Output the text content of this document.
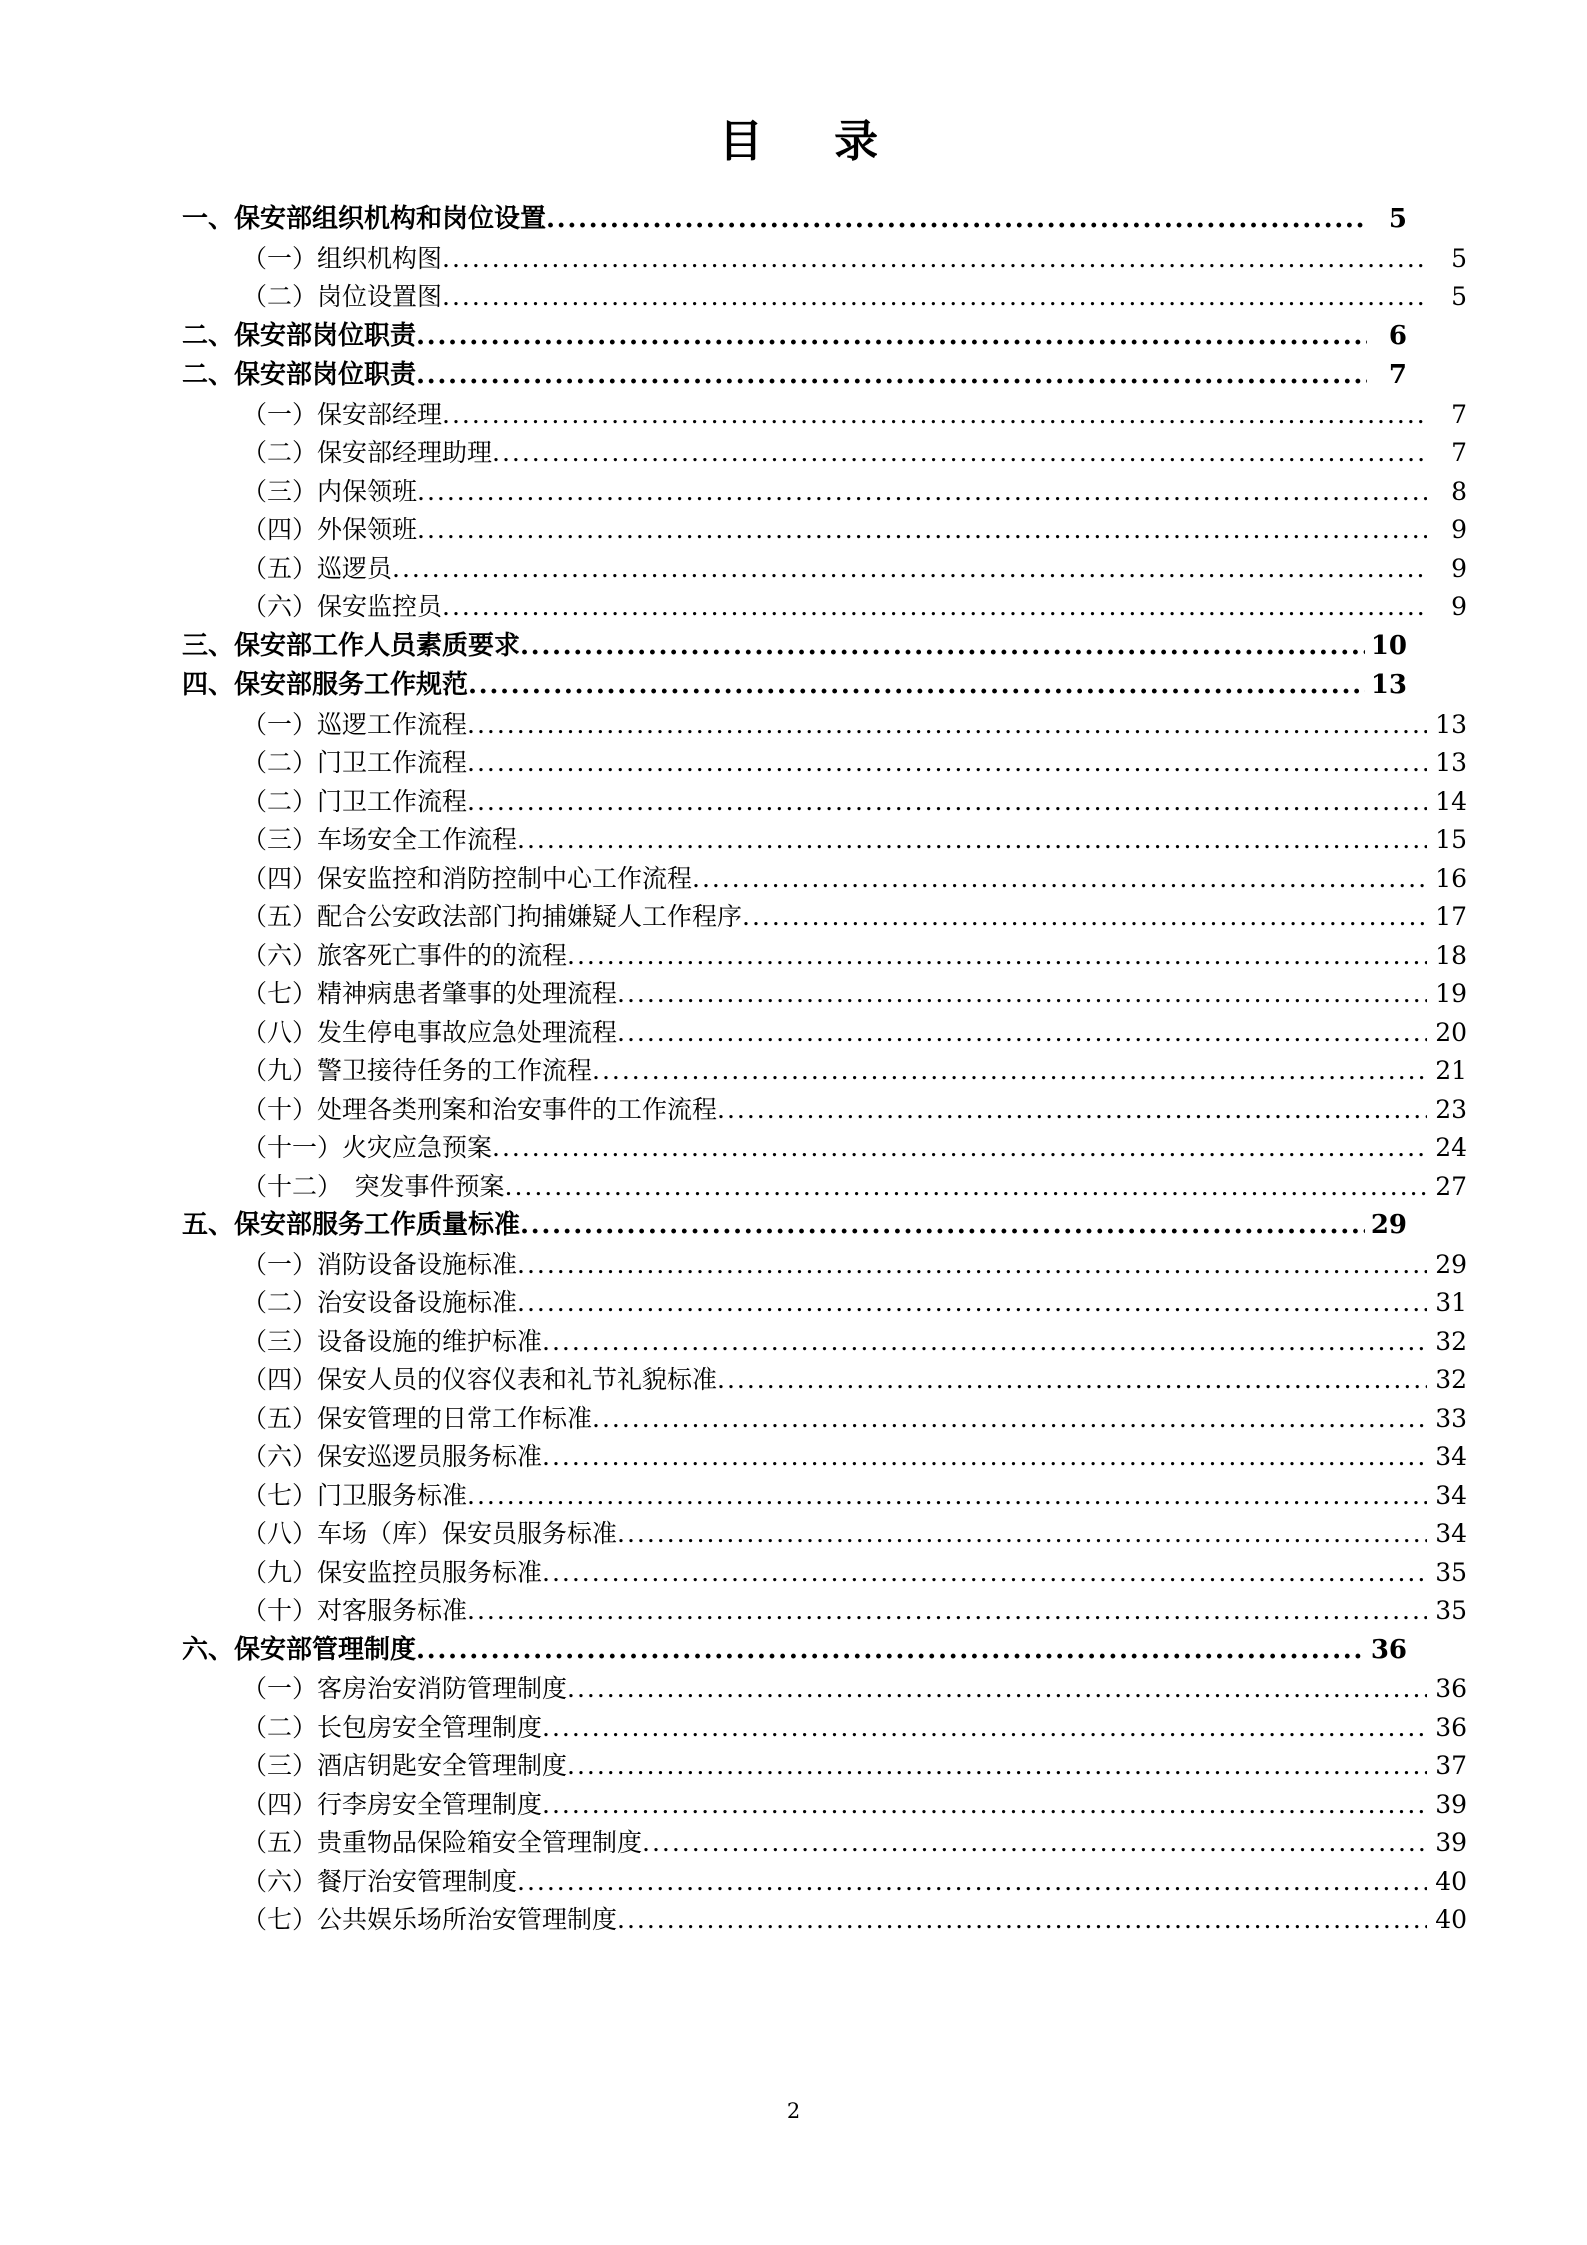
目    录
一、保安部组织机构和岗位设置 .....	5
（一）组织机构图 .....	5
（二）岗位设置图 .....	5
二、保安部岗位职责 .....	6
二、保安部岗位职责 .....	7
（一）保安部经理 .....	7
（二）保安部经理助理 .....	7
（三）内保领班 .....	8
（四）外保领班 .....	9
（五）巡逻员 .....	9
（六）保安监控员 .....	9
三、保安部工作人员素质要求 .....	10
四、保安部服务工作规范 .....	13
（一）巡逻工作流程 .....	13
（二）门卫工作流程 .....	13
（二）门卫工作流程 .....	14
（三）车场安全工作流程 .....	15
（四）保安监控和消防控制中心工作流程 .....	16
（五）配合公安政法部门拘捕嫌疑人工作程序 .....	17
（六）旅客死亡事件的的流程 .....	18
（七）精神病患者肇事的处理流程 .....	19
（八）发生停电事故应急处理流程 .....	20
（九）警卫接待任务的工作流程 .....	21
（十）处理各类刑案和治安事件的工作流程 .....	23
（十一）火灾应急预案 .....	24
（十二）　突发事件预案 .....	27
五、保安部服务工作质量标准 .....	29
（一）消防设备设施标准 .....	29
（二）治安设备设施标准 .....	31
（三）设备设施的维护标准 .....	32
（四）保安人员的仪容仪表和礼节礼貌标准 .....	32
（五）保安管理的日常工作标准 .....	33
（六）保安巡逻员服务标准 .....	34
（七）门卫服务标准 .....	34
（八）车场（库）保安员服务标准 .....	34
（九）保安监控员服务标准 .....	35
（十）对客服务标准 .....	35
六、保安部管理制度 .....	36
（一）客房治安消防管理制度 .....	36
（二）长包房安全管理制度 .....	36
（三）酒店钥匙安全管理制度 .....	37
（四）行李房安全管理制度 .....	39
（五）贵重物品保险箱安全管理制度 .....	39
（六）餐厅治安管理制度 .....	40
（七）公共娱乐场所治安管理制度 .....	40
2
